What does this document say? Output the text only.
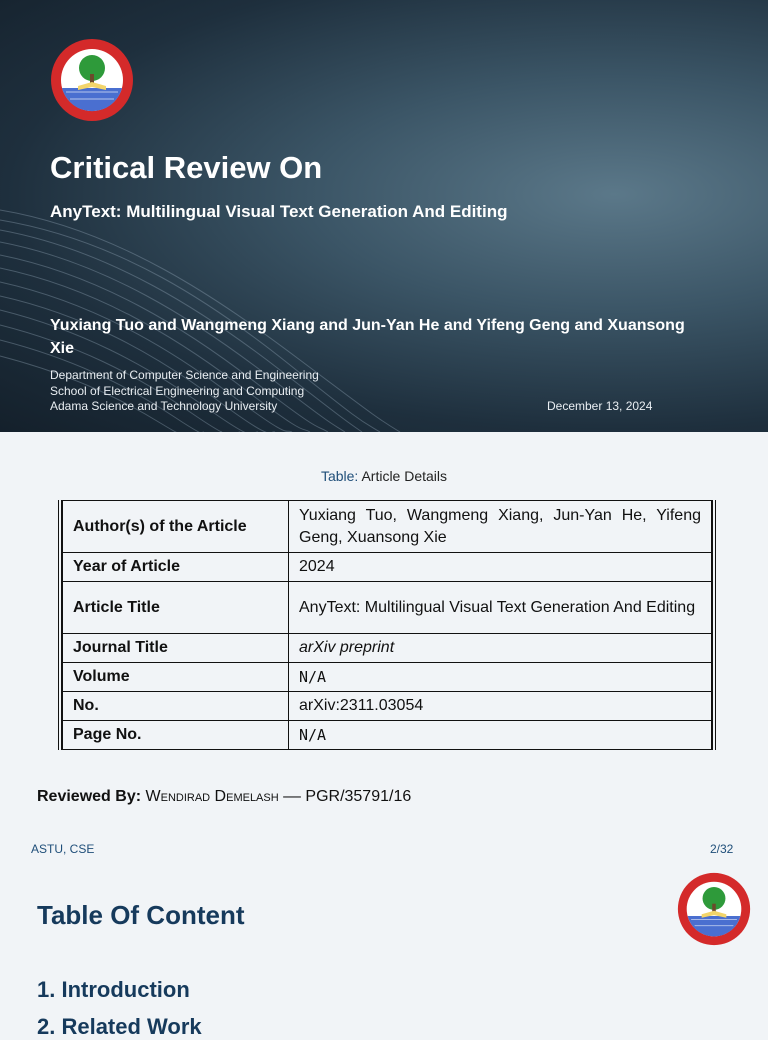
Critical Review On
AnyText: Multilingual Visual Text Generation And Editing
Yuxiang Tuo and Wangmeng Xiang and Jun-Yan He and Yifeng Geng and Xuansong Xie
Department of Computer Science and Engineering
School of Electrical Engineering and Computing
Adama Science and Technology University	December 13, 2024
Table: Article Details
Author(s) of the Article	Yuxiang Tuo, Wangmeng Xiang, Jun-Yan He, Yifeng Geng, Xuansong Xie
Year of Article	2024
Article Title	AnyText: Multilingual Visual Text Generation And Editing
Journal Title	arXiv preprint
Volume	N/A
No.	arXiv:2311.03054
Page No.	N/A
Reviewed By: Wendirad Demelash –– PGR/35791/16
ASTU, CSE	2/32
Table Of Content
1. Introduction
2. Related Work
